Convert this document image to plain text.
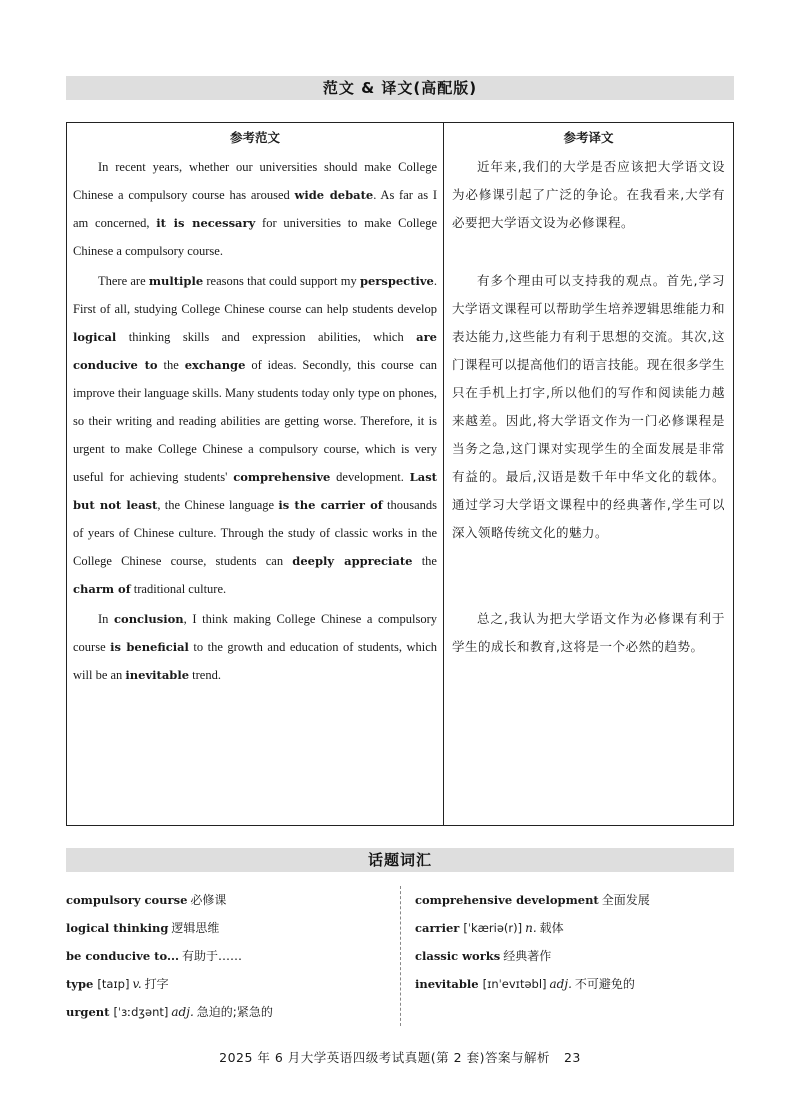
范文 & 译文(高配版)
参考范文

In recent years, whether our universities should make College Chinese a compulsory course has aroused wide debate. As far as I am concerned, it is necessary for universities to make College Chinese a compulsory course.

There are multiple reasons that could support my perspective. First of all, studying College Chinese course can help students develop logical thinking skills and expression abilities, which are conducive to the exchange of ideas. Secondly, this course can improve their language skills. Many students today only type on phones, so their writing and reading abilities are getting worse. Therefore, it is urgent to make College Chinese a compulsory course, which is very useful for achieving students' comprehensive development. Last but not least, the Chinese language is the carrier of thousands of years of Chinese culture. Through the study of classic works in the College Chinese course, students can deeply appreciate the charm of traditional culture.

In conclusion, I think making College Chinese a compulsory course is beneficial to the growth and education of students, which will be an inevitable trend.

参考译文

近年来,我们的大学是否应该把大学语文设为必修课引起了广泛的争论。在我看来,大学有必要把大学语文设为必修课程。

有多个理由可以支持我的观点。首先,学习大学语文课程可以帮助学生培养逻辑思维能力和表达能力,这些能力有利于思想的交流。其次,这门课程可以提高他们的语言技能。现在很多学生只在手机上打字,所以他们的写作和阅读能力越来越差。因此,将大学语文作为一门必修课程是当务之急,这门课对实现学生的全面发展是非常有益的。最后,汉语是数千年中华文化的载体。通过学习大学语文课程中的经典著作,学生可以深入领略传统文化的魅力。

总之,我认为把大学语文作为必修课有利于学生的成长和教育,这将是一个必然的趋势。

话题词汇
compulsory course 必修课
logical thinking 逻辑思维
be conducive to... 有助于……
type [taɪp] v. 打字
urgent [ˈɜːdʒənt] adj. 急迫的;紧急的
comprehensive development 全面发展
carrier [ˈkæriə(r)] n. 载体
classic works 经典著作
inevitable [ɪnˈevɪtəbl] adj. 不可避免的
2025 年 6 月大学英语四级考试真题(第 2 套)答案与解析 23
